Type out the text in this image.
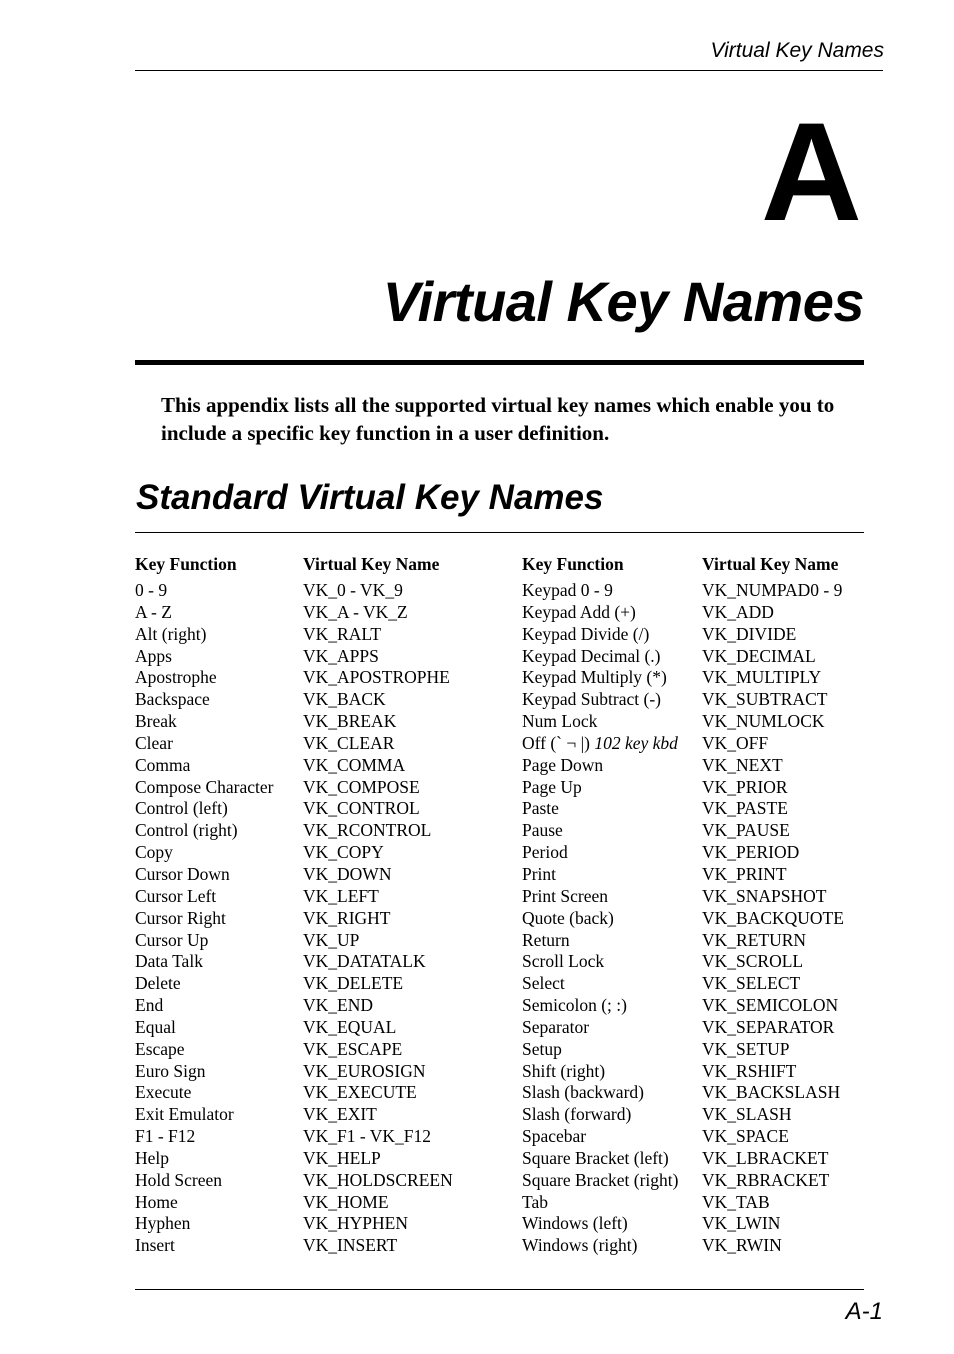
Virtual Key Names
A
Virtual Key Names
This appendix lists all the supported virtual key names which enable you to include a specific key function in a user definition.
Standard Virtual Key Names
Key Function	Virtual Key Name
0 - 9	VK_0 - VK_9
A - Z	VK_A - VK_Z
Alt (right)	VK_RALT
Apps	VK_APPS
Apostrophe	VK_APOSTROPHE
Backspace	VK_BACK
Break	VK_BREAK
Clear	VK_CLEAR
Comma	VK_COMMA
Compose Character	VK_COMPOSE
Control (left)	VK_CONTROL
Control (right)	VK_RCONTROL
Copy	VK_COPY
Cursor Down	VK_DOWN
Cursor Left	VK_LEFT
Cursor Right	VK_RIGHT
Cursor Up	VK_UP
Data Talk	VK_DATATALK
Delete	VK_DELETE
End	VK_END
Equal	VK_EQUAL
Escape	VK_ESCAPE
Euro Sign	VK_EUROSIGN
Execute	VK_EXECUTE
Exit Emulator	VK_EXIT
F1 - F12	VK_F1 - VK_F12
Help	VK_HELP
Hold Screen	VK_HOLDSCREEN
Home	VK_HOME
Hyphen	VK_HYPHEN
Insert	VK_INSERT
Key Function	Virtual Key Name
Keypad 0 - 9	VK_NUMPAD0 - 9
Keypad Add (+)	VK_ADD
Keypad Divide (/)	VK_DIVIDE
Keypad Decimal (.)	VK_DECIMAL
Keypad Multiply (*)	VK_MULTIPLY
Keypad Subtract (-)	VK_SUBTRACT
Num Lock	VK_NUMLOCK
Off (` ¬ |) 102 key kbd	VK_OFF
Page Down	VK_NEXT
Page Up	VK_PRIOR
Paste	VK_PASTE
Pause	VK_PAUSE
Period	VK_PERIOD
Print	VK_PRINT
Print Screen	VK_SNAPSHOT
Quote (back)	VK_BACKQUOTE
Return	VK_RETURN
Scroll Lock	VK_SCROLL
Select	VK_SELECT
Semicolon (; :)	VK_SEMICOLON
Separator	VK_SEPARATOR
Setup	VK_SETUP
Shift (right)	VK_RSHIFT
Slash (backward)	VK_BACKSLASH
Slash (forward)	VK_SLASH
Spacebar	VK_SPACE
Square Bracket (left)	VK_LBRACKET
Square Bracket (right)	VK_RBRACKET
Tab	VK_TAB
Windows (left)	VK_LWIN
Windows (right)	VK_RWIN
A-1
